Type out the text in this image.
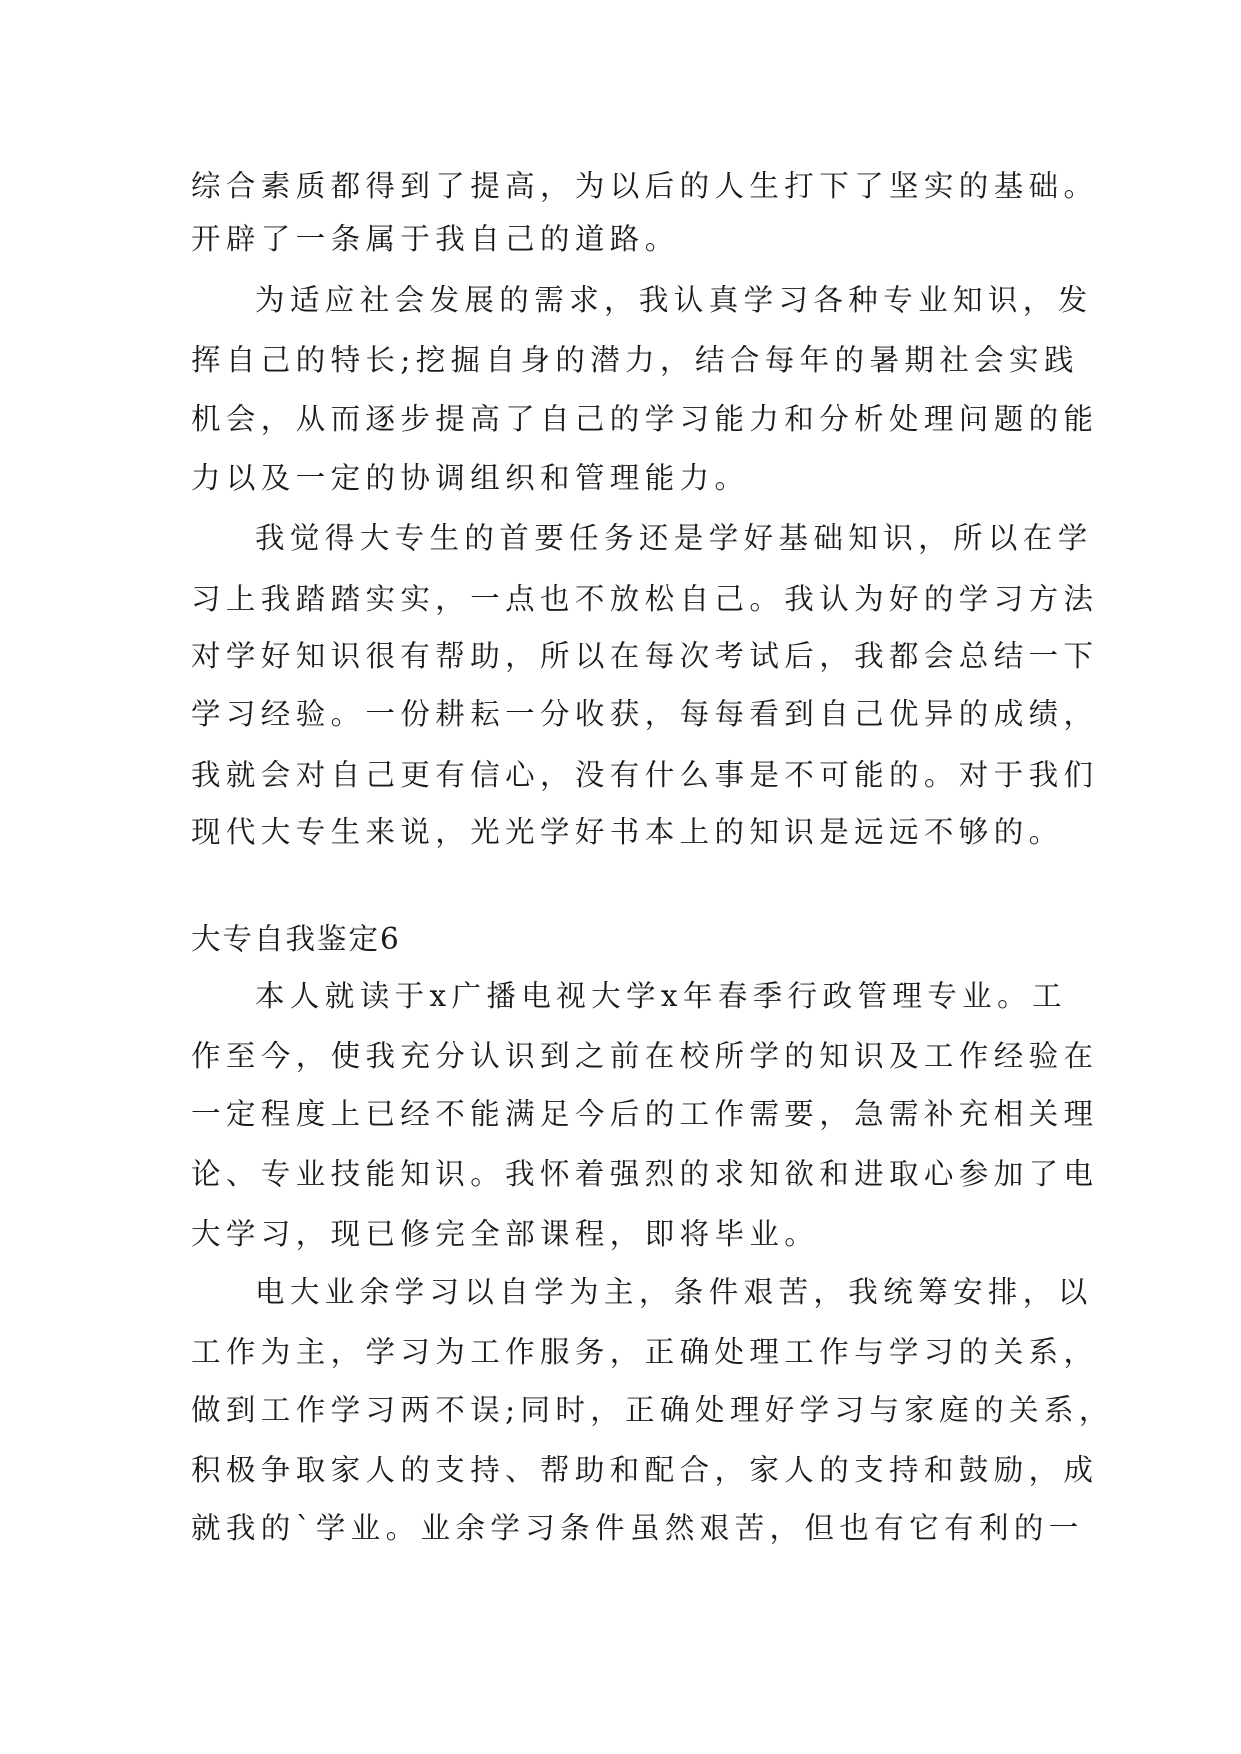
综合素质都得到了提高，为以后的人生打下了坚实的基础。
开辟了一条属于我自己的道路。
为适应社会发展的需求，我认真学习各种专业知识，发
挥自己的特长;挖掘自身的潜力，结合每年的暑期社会实践
机会，从而逐步提高了自己的学习能力和分析处理问题的能
力以及一定的协调组织和管理能力。
我觉得大专生的首要任务还是学好基础知识，所以在学
习上我踏踏实实，一点也不放松自己。我认为好的学习方法
对学好知识很有帮助，所以在每次考试后，我都会总结一下
学习经验。一份耕耘一分收获，每每看到自己优异的成绩，
我就会对自己更有信心，没有什么事是不可能的。对于我们
现代大专生来说，光光学好书本上的知识是远远不够的。
大专自我鉴定6
本人就读于x广播电视大学x年春季行政管理专业。工
作至今，使我充分认识到之前在校所学的知识及工作经验在
一定程度上已经不能满足今后的工作需要，急需补充相关理
论、专业技能知识。我怀着强烈的求知欲和进取心参加了电
大学习，现已修完全部课程，即将毕业。
电大业余学习以自学为主，条件艰苦，我统筹安排，以
工作为主，学习为工作服务，正确处理工作与学习的关系，
做到工作学习两不误;同时，正确处理好学习与家庭的关系，
积极争取家人的支持、帮助和配合，家人的支持和鼓励，成
就我的`学业。业余学习条件虽然艰苦，但也有它有利的一
